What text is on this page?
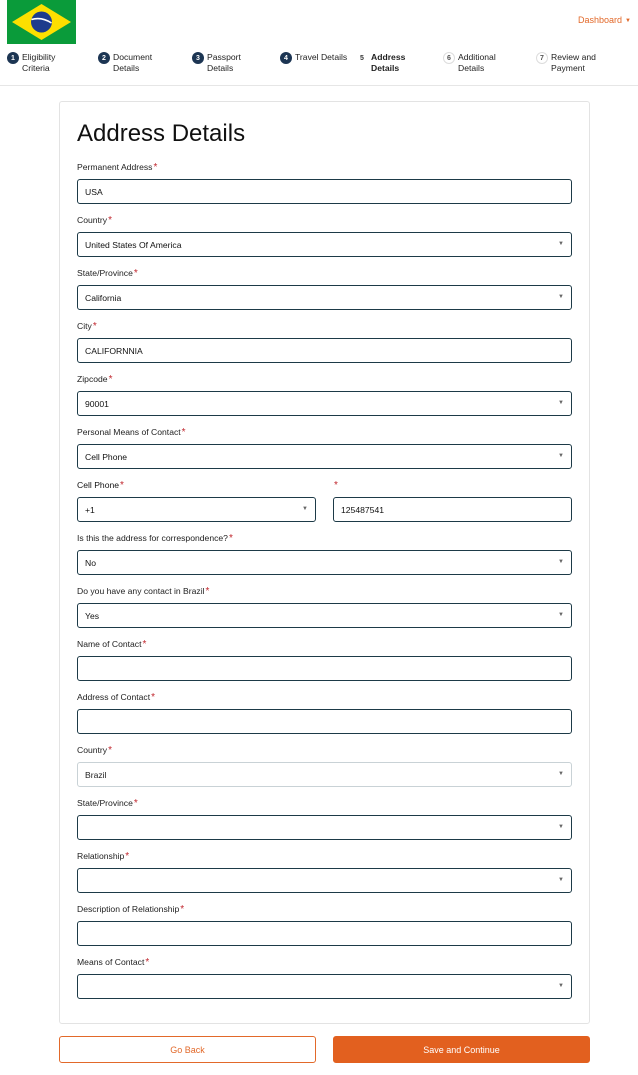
Dashboard ▼
1 Eligibility Criteria
2 Document Details
3 Passport Details
4 Travel Details	5 Address Details
6 Additional Details
7 Review and Payment
Address Details
Permanent Address*
USA
Country*
United States Of America	▼
State/Province*
California	▼
City*
CALIFORNNIA
Zipcode*
90001	▼
Personal Means of Contact*
Cell Phone	▼
Cell Phone*
+1	▼
*
125487541
Is this the address for correspondence?*
No	▼
Do you have any contact in Brazil*
Yes	▼
Name of Contact*
Address of Contact*
Country*
Brazil	▼
State/Province*
▼
Relationship*
▼
Description of Relationship*
Means of Contact*
▼
Go Back	Save and Continue
